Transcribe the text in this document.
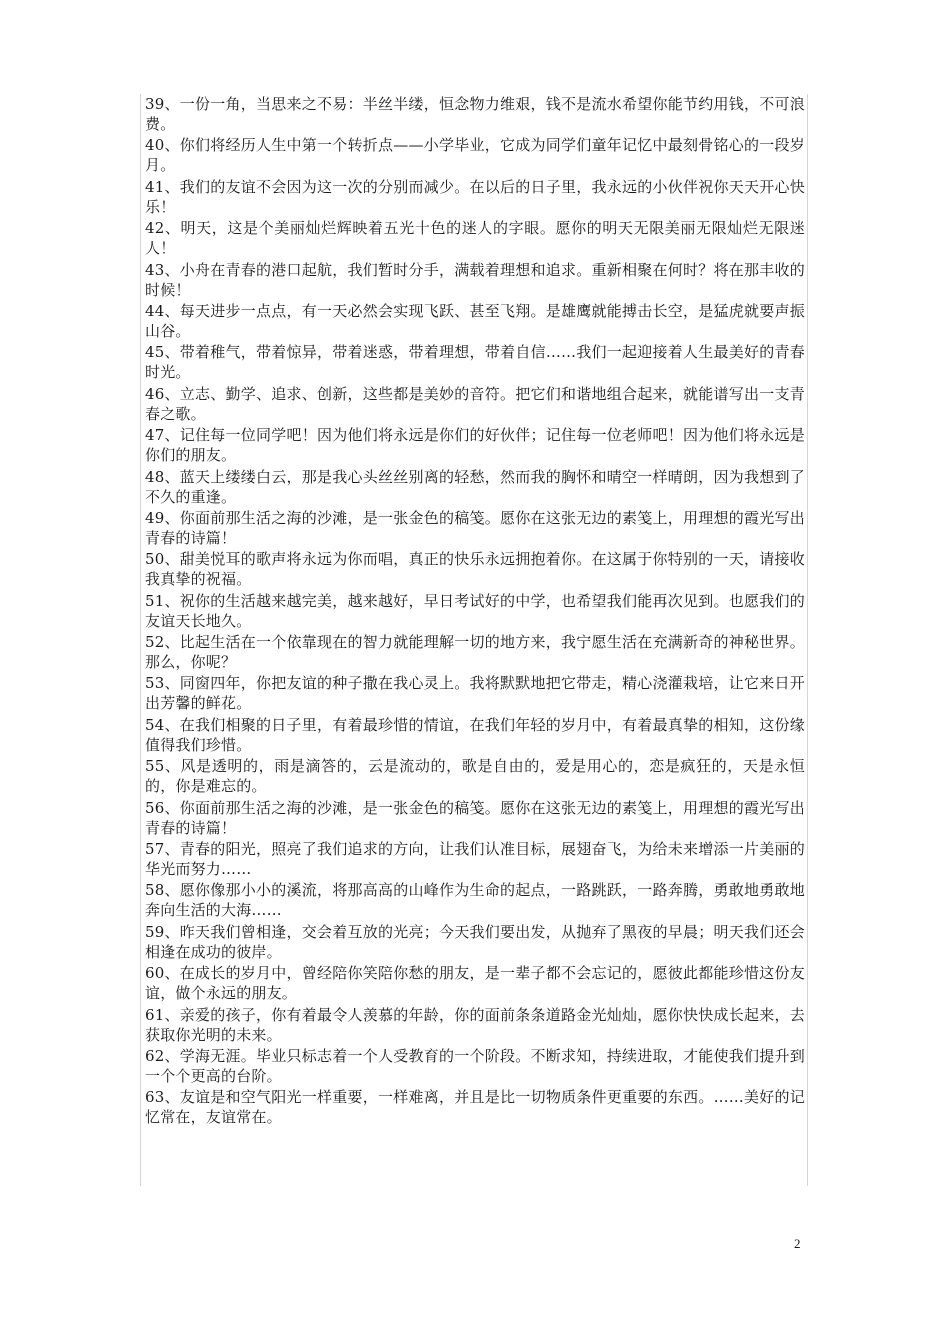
39、一份一角，当思来之不易：半丝半缕，恒念物力维艰，钱不是流水希望你能节约用钱，不可浪费。
40、你们将经历人生中第一个转折点——小学毕业，它成为同学们童年记忆中最刻骨铭心的一段岁月。
41、我们的友谊不会因为这一次的分别而减少。在以后的日子里，我永远的小伙伴祝你天天开心快乐！
42、明天，这是个美丽灿烂辉映着五光十色的迷人的字眼。愿你的明天无限美丽无限灿烂无限迷人！
43、小舟在青春的港口起航，我们暂时分手，满载着理想和追求。重新相聚在何时？将在那丰收的时候！
44、每天进步一点点，有一天必然会实现飞跃、甚至飞翔。是雄鹰就能搏击长空，是猛虎就要声振山谷。
45、带着稚气，带着惊异，带着迷惑，带着理想，带着自信……我们一起迎接着人生最美好的青春时光。
46、立志、勤学、追求、创新，这些都是美妙的音符。把它们和谐地组合起来，就能谱写出一支青春之歌。
47、记住每一位同学吧！因为他们将永远是你们的好伙伴；记住每一位老师吧！因为他们将永远是你们的朋友。
48、蓝天上缕缕白云，那是我心头丝丝别离的轻愁，然而我的胸怀和晴空一样晴朗，因为我想到了不久的重逢。
49、你面前那生活之海的沙滩，是一张金色的稿笺。愿你在这张无边的素笺上，用理想的霞光写出青春的诗篇！
50、甜美悦耳的歌声将永远为你而唱，真正的快乐永远拥抱着你。在这属于你特别的一天，请接收我真挚的祝福。
51、祝你的生活越来越完美，越来越好，早日考试好的中学，也希望我们能再次见到。也愿我们的友谊天长地久。
52、比起生活在一个依靠现在的智力就能理解一切的地方来，我宁愿生活在充满新奇的神秘世界。那么，你呢？
53、同窗四年，你把友谊的种子撒在我心灵上。我将默默地把它带走，精心浇灌栽培，让它来日开出芳馨的鲜花。
54、在我们相聚的日子里，有着最珍惜的情谊，在我们年轻的岁月中，有着最真挚的相知，这份缘值得我们珍惜。
55、风是透明的，雨是滴答的，云是流动的，歌是自由的，爱是用心的，恋是疯狂的，天是永恒的，你是难忘的。
56、你面前那生活之海的沙滩，是一张金色的稿笺。愿你在这张无边的素笺上，用理想的霞光写出青春的诗篇！
57、青春的阳光，照亮了我们追求的方向，让我们认准目标，展翅奋飞，为给未来增添一片美丽的华光而努力……
58、愿你像那小小的溪流，将那高高的山峰作为生命的起点，一路跳跃，一路奔腾，勇敢地勇敢地奔向生活的大海……
59、昨天我们曾相逢，交会着互放的光亮；今天我们要出发，从抛弃了黑夜的早晨；明天我们还会相逢在成功的彼岸。
60、在成长的岁月中，曾经陪你笑陪你愁的朋友，是一辈子都不会忘记的，愿彼此都能珍惜这份友谊，做个永远的朋友。
61、亲爱的孩子，你有着最令人羡慕的年龄，你的面前条条道路金光灿灿，愿你快快成长起来，去获取你光明的未来。
62、学海无涯。毕业只标志着一个人受教育的一个阶段。不断求知，持续进取，才能使我们提升到一个个更高的台阶。
63、友谊是和空气阳光一样重要，一样难离，并且是比一切物质条件更重要的东西。……美好的记忆常在，友谊常在。
2
